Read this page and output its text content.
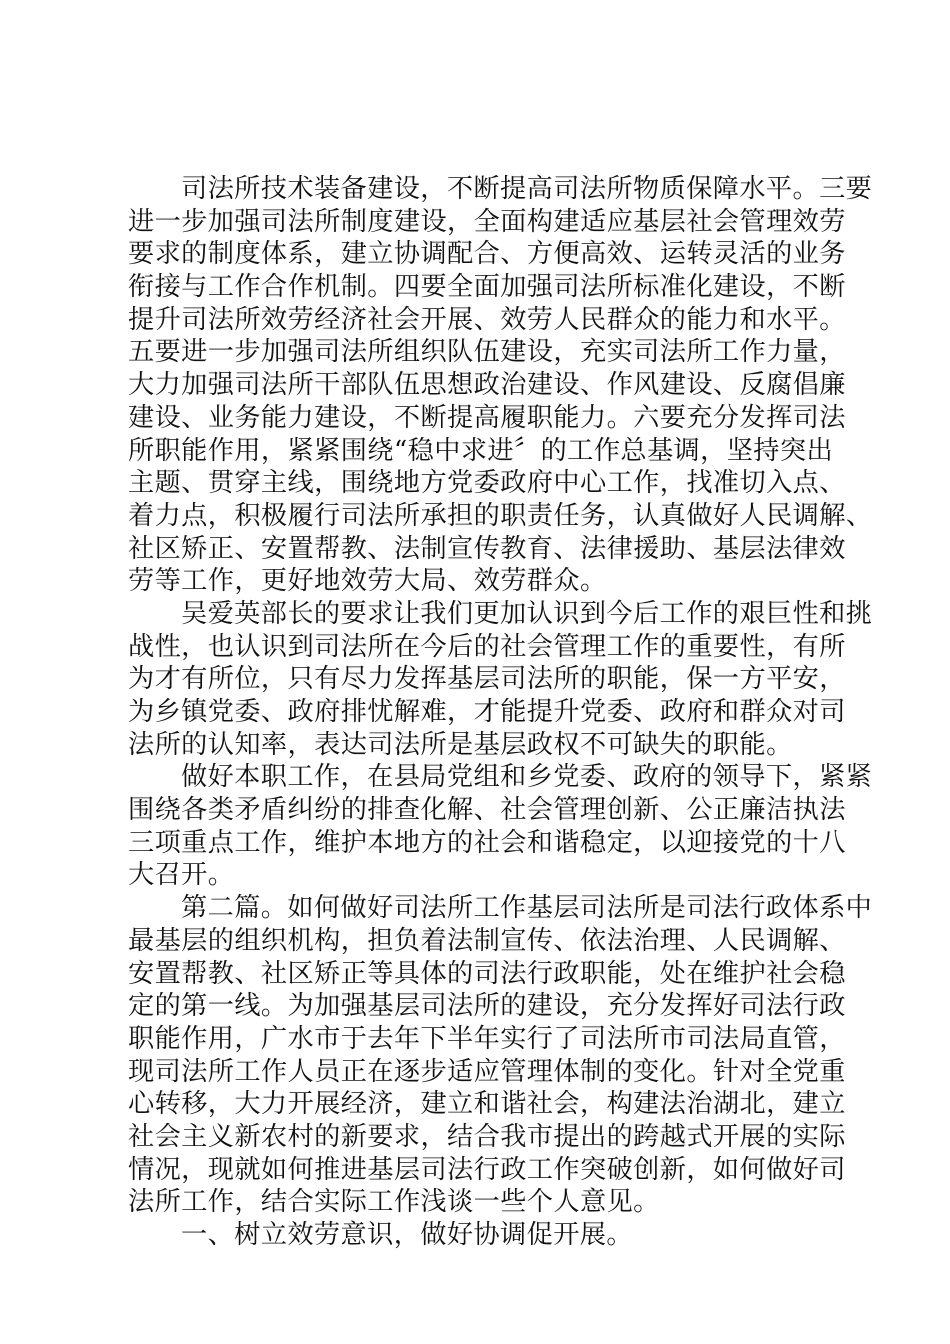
司法所技术装备建设，不断提高司法所物质保障水平。三要
进一步加强司法所制度建设，全面构建适应基层社会管理效劳
要求的制度体系，建立协调配合、方便高效、运转灵活的业务
衔接与工作合作机制。四要全面加强司法所标准化建设，不断
提升司法所效劳经济社会开展、效劳人民群众的能力和水平。
五要进一步加强司法所组织队伍建设，充实司法所工作力量，
大力加强司法所干部队伍思想政治建设、作风建设、反腐倡廉
建设、业务能力建设，不断提高履职能力。六要充分发挥司法
所职能作用，紧紧围绕“稳中求进〞的工作总基调，坚持突出
主题、贯穿主线，围绕地方党委政府中心工作，找准切入点、
着力点，积极履行司法所承担的职责任务，认真做好人民调解、
社区矫正、安置帮教、法制宣传教育、法律援助、基层法律效
劳等工作，更好地效劳大局、效劳群众。
吴爱英部长的要求让我们更加认识到今后工作的艰巨性和挑
战性，也认识到司法所在今后的社会管理工作的重要性，有所
为才有所位，只有尽力发挥基层司法所的职能，保一方平安，
为乡镇党委、政府排忧解难，才能提升党委、政府和群众对司
法所的认知率，表达司法所是基层政权不可缺失的职能。
做好本职工作，在县局党组和乡党委、政府的领导下，紧紧
围绕各类矛盾纠纷的排查化解、社会管理创新、公正廉洁执法
三项重点工作，维护本地方的社会和谐稳定，以迎接党的十八
大召开。
第二篇。如何做好司法所工作基层司法所是司法行政体系中
最基层的组织机构，担负着法制宣传、依法治理、人民调解、
安置帮教、社区矫正等具体的司法行政职能，处在维护社会稳
定的第一线。为加强基层司法所的建设，充分发挥好司法行政
职能作用，广水市于去年下半年实行了司法所市司法局直管，
现司法所工作人员正在逐步适应管理体制的变化。针对全党重
心转移，大力开展经济，建立和谐社会，构建法治湖北，建立
社会主义新农村的新要求，结合我市提出的跨越式开展的实际
情况，现就如何推进基层司法行政工作突破创新，如何做好司
法所工作，结合实际工作浅谈一些个人意见。
一、树立效劳意识，做好协调促开展。
